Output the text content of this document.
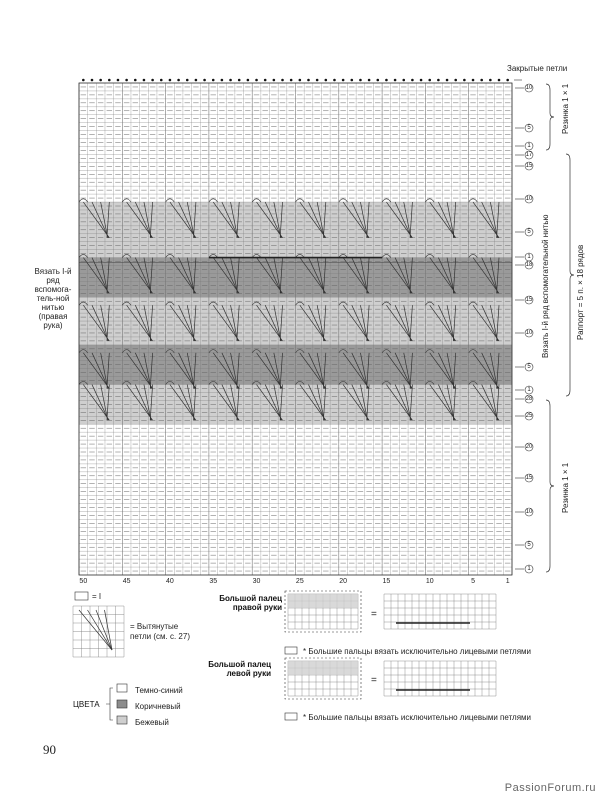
Закрытые петли
Вязать I-й ряд вспомога-тель-ной нитью (правая рука)
Резинка 1 × 1
Раппорт = 5 п. × 18 рядов
Вязать I-й ряд вспомогательной нитью
Резинка 1 × 1
50	45	40	35	30	25	20	15	10	5	1
10
5
1
17
15
10
5
1
18
15
10
5
1
28
25
20
15
10
5
1
= I
= Вытянутые петли (см. с. 27)
ЦВЕТА
Темно-синий
Коричневый
Бежевый
Большой палец правой руки
Большой палец левой руки
=
=
* Большие пальцы вязать исключительно лицевыми петлями
* Большие пальцы вязать исключительно лицевыми петлями
90
PassionForum.ru
